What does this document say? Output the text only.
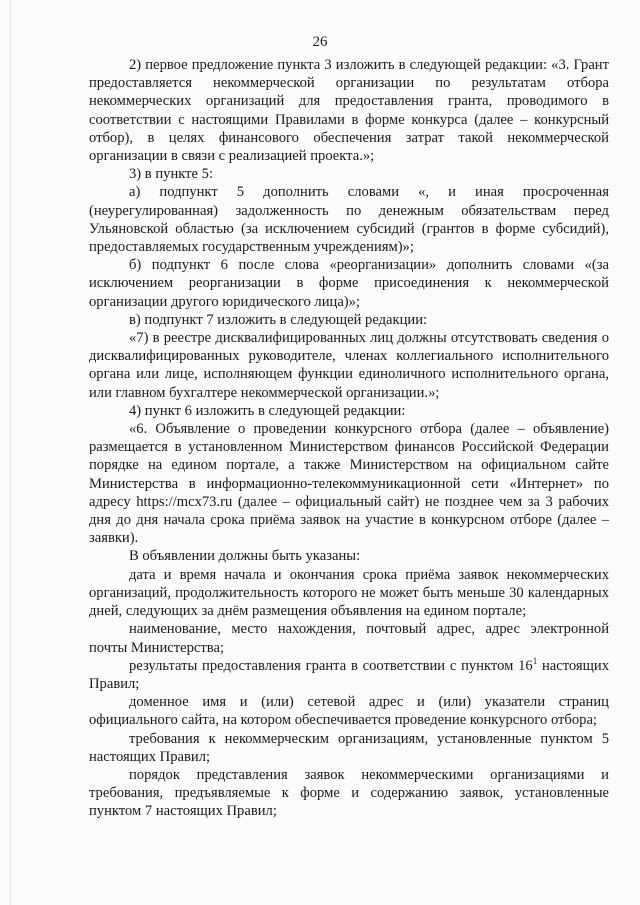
26

2) первое предложение пункта 3 изложить в следующей редакции: «3. Грант предоставляется некоммерческой организации по результатам отбора некоммерческих организаций для предоставления гранта, проводимого в соответствии с настоящими Правилами в форме конкурса (далее – конкурсный отбор), в целях финансового обеспечения затрат такой некоммерческой организации в связи с реализацией проекта.»;

3) в пункте 5:

а) подпункт 5 дополнить словами «, и иная просроченная (неурегулированная) задолженность по денежным обязательствам перед Ульяновской областью (за исключением субсидий (грантов в форме субсидий), предоставляемых государственным учреждениям)»;

б) подпункт 6 после слова «реорганизации» дополнить словами «(за исключением реорганизации в форме присоединения к некоммерческой организации другого юридического лица)»;

в) подпункт 7 изложить в следующей редакции:

«7) в реестре дисквалифицированных лиц должны отсутствовать сведения о дисквалифицированных руководителе, членах коллегиального исполнительного органа или лице, исполняющем функции единоличного исполнительного органа, или главном бухгалтере некоммерческой организации.»;

4) пункт 6 изложить в следующей редакции:

«6. Объявление о проведении конкурсного отбора (далее – объявление) размещается в установленном Министерством финансов Российской Федерации порядке на едином портале, а также Министерством на официальном сайте Министерства в информационно-телекоммуникационной сети «Интернет» по адресу https://mcx73.ru (далее – официальный сайт) не позднее чем за 3 рабочих дня до дня начала срока приёма заявок на участие в конкурсном отборе (далее – заявки).

В объявлении должны быть указаны:

дата и время начала и окончания срока приёма заявок некоммерческих организаций, продолжительность которого не может быть меньше 30 календарных дней, следующих за днём размещения объявления на едином портале;

наименование, место нахождения, почтовый адрес, адрес электронной почты Министерства;

результаты предоставления гранта в соответствии с пунктом $16^1$ настоящих Правил;

доменное имя и (или) сетевой адрес и (или) указатели страниц официального сайта, на котором обеспечивается проведение конкурсного отбора;

требования к некоммерческим организациям, установленные пунктом 5 настоящих Правил;

порядок представления заявок некоммерческими организациями и требования, предъявляемые к форме и содержанию заявок, установленные пунктом 7 настоящих Правил;
